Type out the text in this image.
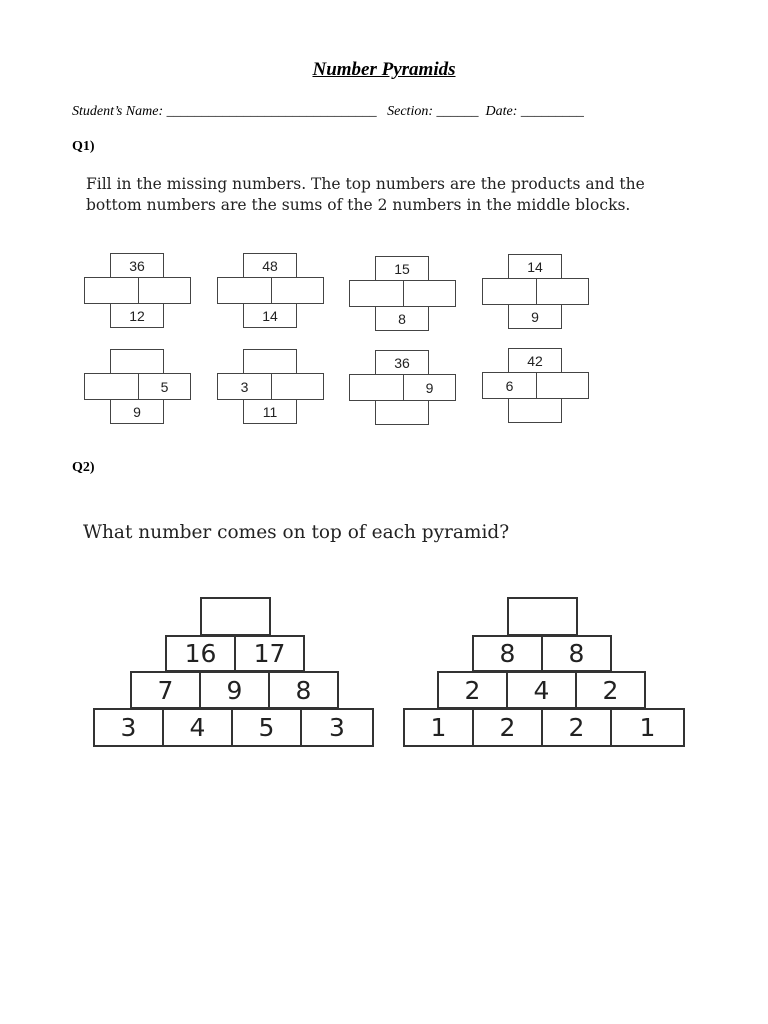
Number Pyramids
Student’s Name: ______________________________   Section: ______  Date: _________
Q1)
Fill in the missing numbers. The top numbers are the products and the bottom numbers are the sums of the 2 numbers in the middle blocks.
36
12
48
14
15
8
14
9
5
9
3
11
36
9
42
6
Q2)
What number comes on top of each pyramid?
16	17
7	9	8
3	4	5	3
8	8
2	4	2
1	2	2	1
